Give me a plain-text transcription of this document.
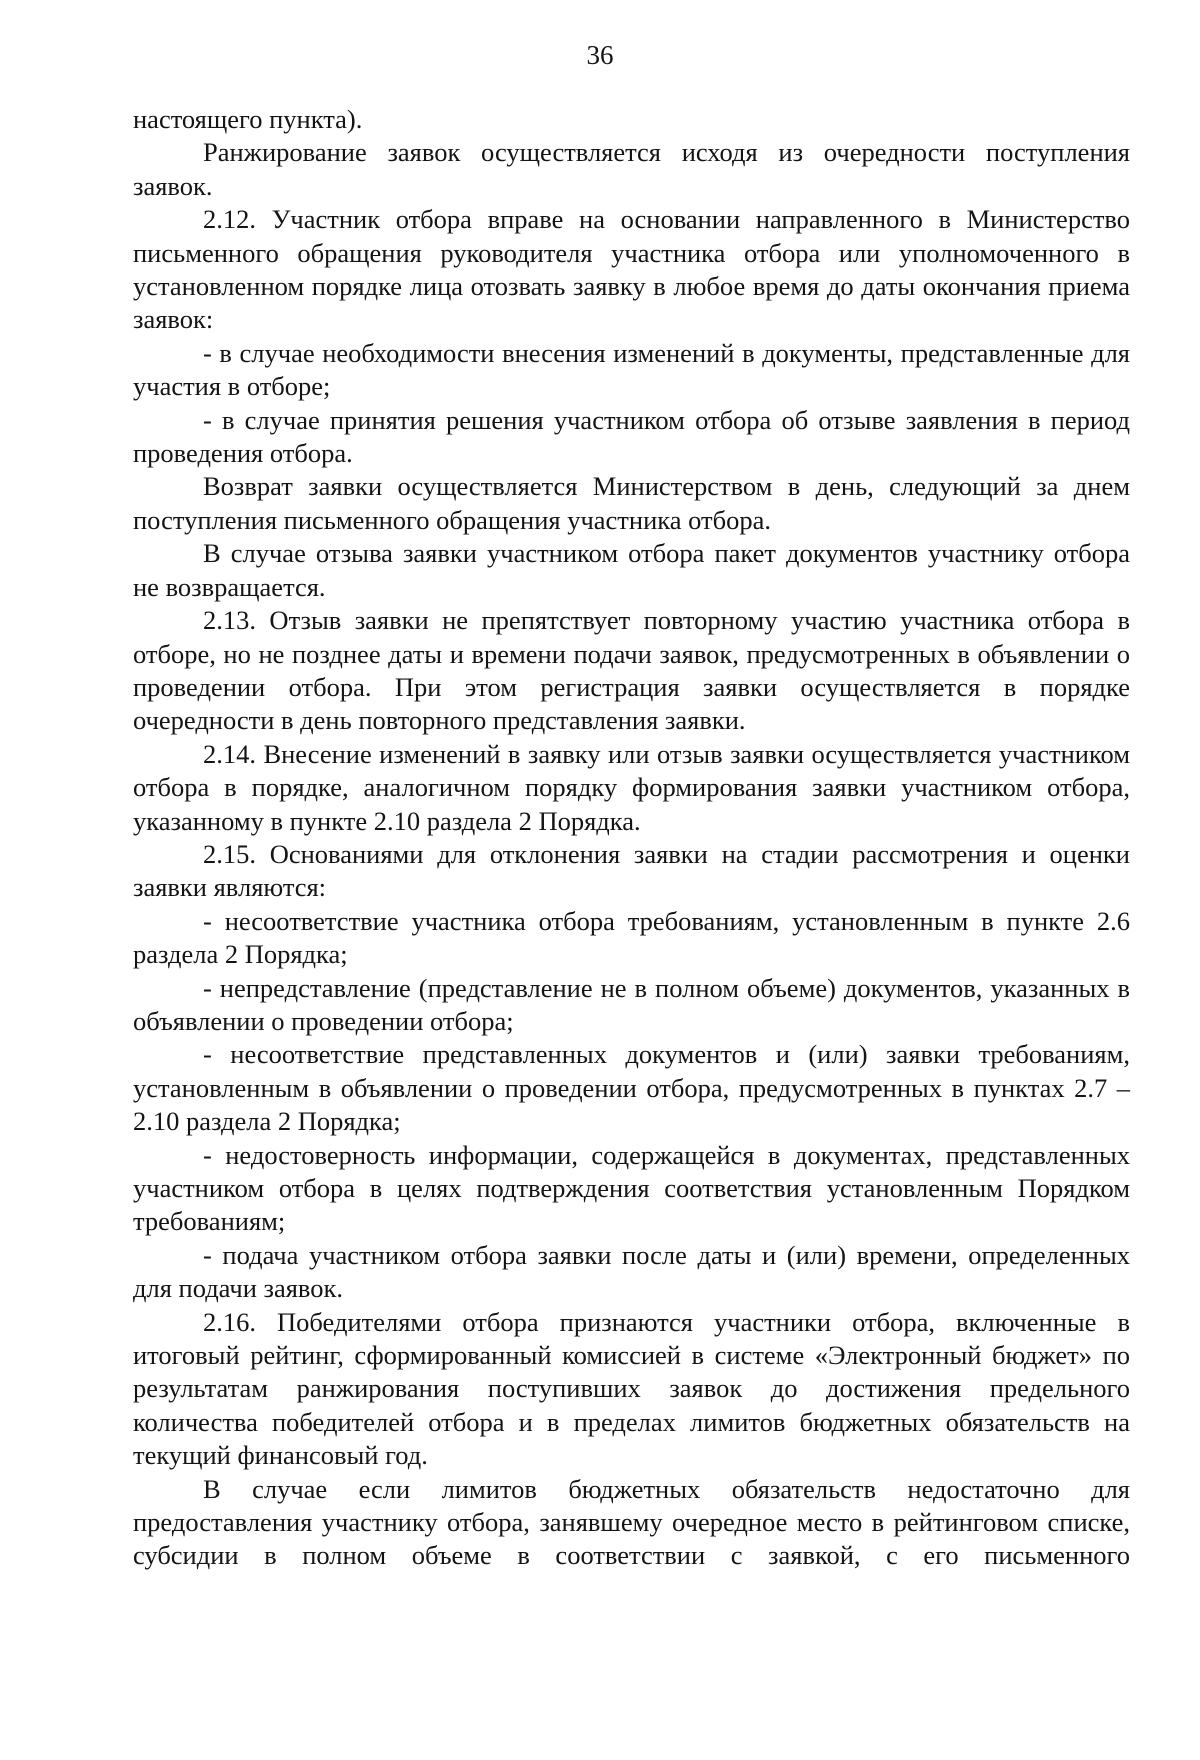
36

настоящего пункта).

Ранжирование заявок осуществляется исходя из очередности поступления заявок.

2.12. Участник отбора вправе на основании направленного в Министерство письменного обращения руководителя участника отбора или уполномоченного в установленном порядке лица отозвать заявку в любое время до даты окончания приема заявок:

- в случае необходимости внесения изменений в документы, представленные для участия в отборе;

- в случае принятия решения участником отбора об отзыве заявления в период проведения отбора.

Возврат заявки осуществляется Министерством в день, следующий за днем поступления письменного обращения участника отбора.

В случае отзыва заявки участником отбора пакет документов участнику отбора не возвращается.

2.13. Отзыв заявки не препятствует повторному участию участника отбора в отборе, но не позднее даты и времени подачи заявок, предусмотренных в объявлении о проведении отбора. При этом регистрация заявки осуществляется в порядке очередности в день повторного представления заявки.

2.14. Внесение изменений в заявку или отзыв заявки осуществляется участником отбора в порядке, аналогичном порядку формирования заявки участником отбора, указанному в пункте 2.10 раздела 2 Порядка.

2.15. Основаниями для отклонения заявки на стадии рассмотрения и оценки заявки являются:

- несоответствие участника отбора требованиям, установленным в пункте 2.6 раздела 2 Порядка;

- непредставление (представление не в полном объеме) документов, указанных в объявлении о проведении отбора;

- несоответствие представленных документов и (или) заявки требованиям, установленным в объявлении о проведении отбора, предусмотренных в пунктах 2.7 – 2.10 раздела 2 Порядка;

- недостоверность информации, содержащейся в документах, представленных участником отбора в целях подтверждения соответствия установленным Порядком требованиям;

- подача участником отбора заявки после даты и (или) времени, определенных для подачи заявок.

2.16. Победителями отбора признаются участники отбора, включенные в итоговый рейтинг, сформированный комиссией в системе «Электронный бюджет» по результатам ранжирования поступивших заявок до достижения предельного количества победителей отбора и в пределах лимитов бюджетных обязательств на текущий финансовый год.

В случае если лимитов бюджетных обязательств недостаточно для предоставления участнику отбора, занявшему очередное место в рейтинговом списке, субсидии в полном объеме в соответствии с заявкой, с его письменного
